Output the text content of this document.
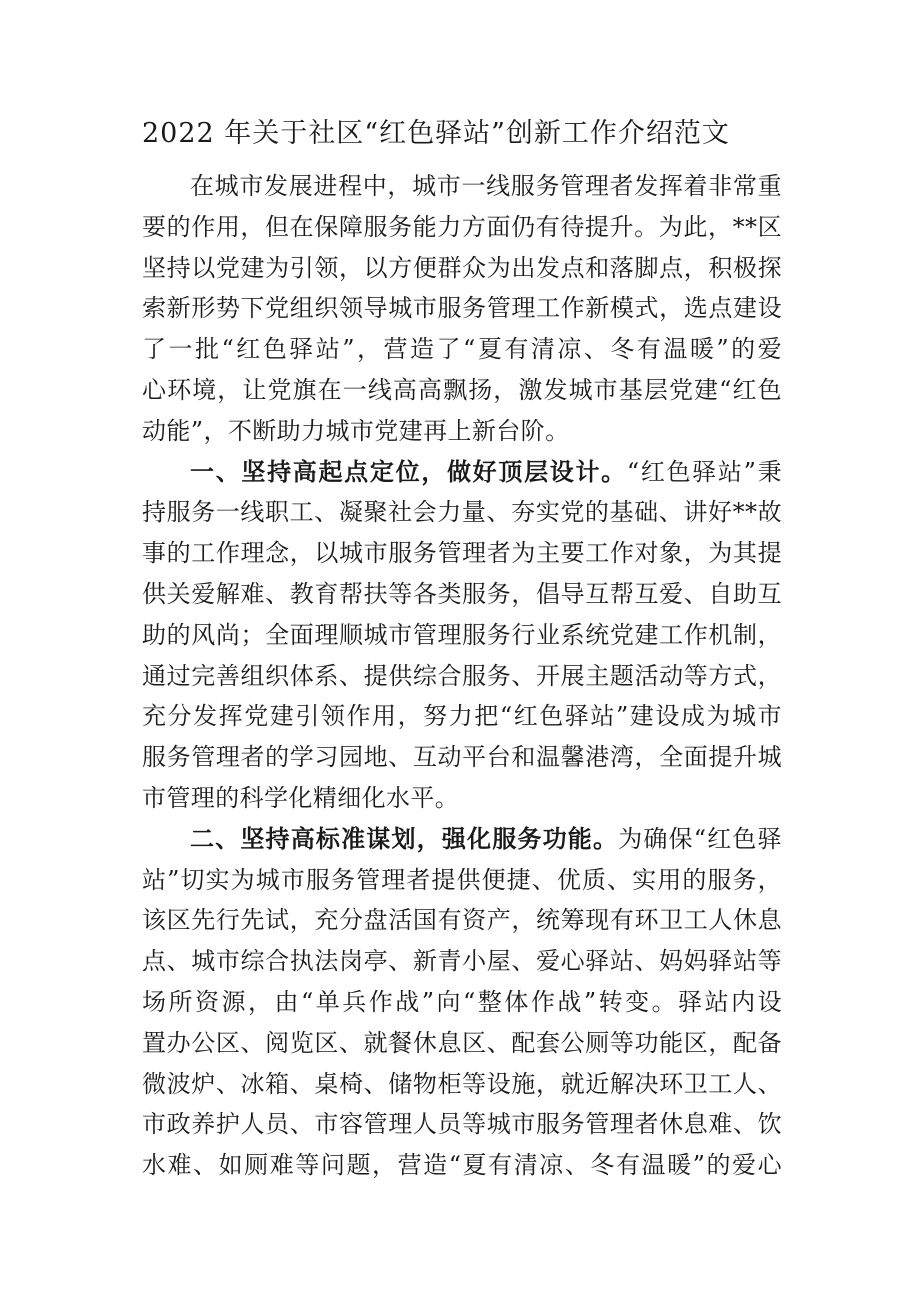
2022 年关于社区“红色驿站”创新工作介绍范文
在城市发展进程中，城市一线服务管理者发挥着非常重
要的作用，但在保障服务能力方面仍有待提升。为此，**区
坚持以党建为引领，以方便群众为出发点和落脚点，积极探
索新形势下党组织领导城市服务管理工作新模式，选点建设
了一批“红色驿站”，营造了“夏有清凉、冬有温暖”的爱
心环境，让党旗在一线高高飘扬，激发城市基层党建“红色
动能”，不断助力城市党建再上新台阶。
一、坚持高起点定位，做好顶层设计。“红色驿站”秉
持服务一线职工、凝聚社会力量、夯实党的基础、讲好**故
事的工作理念，以城市服务管理者为主要工作对象，为其提
供关爱解难、教育帮扶等各类服务，倡导互帮互爱、自助互
助的风尚；全面理顺城市管理服务行业系统党建工作机制，
通过完善组织体系、提供综合服务、开展主题活动等方式，
充分发挥党建引领作用，努力把“红色驿站”建设成为城市
服务管理者的学习园地、互动平台和温馨港湾，全面提升城
市管理的科学化精细化水平。
二、坚持高标准谋划，强化服务功能。为确保“红色驿
站”切实为城市服务管理者提供便捷、优质、实用的服务，
该区先行先试，充分盘活国有资产，统筹现有环卫工人休息
点、城市综合执法岗亭、新青小屋、爱心驿站、妈妈驿站等
场所资源，由“单兵作战”向“整体作战”转变。驿站内设
置办公区、阅览区、就餐休息区、配套公厕等功能区，配备
微波炉、冰箱、桌椅、储物柜等设施，就近解决环卫工人、
市政养护人员、市容管理人员等城市服务管理者休息难、饮
水难、如厕难等问题，营造“夏有清凉、冬有温暖”的爱心
